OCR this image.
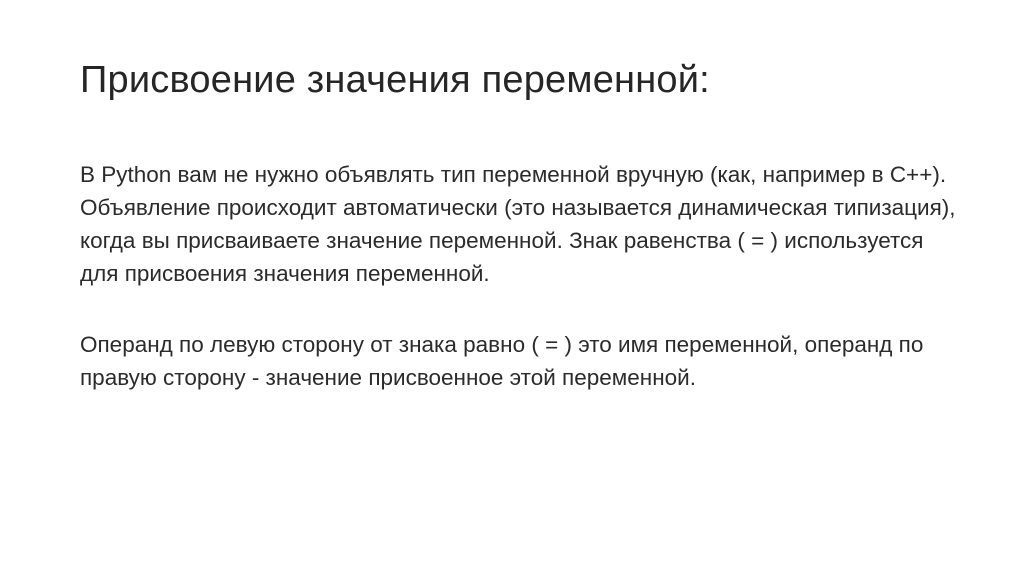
Присвоение значения переменной:

В Python вам не нужно объявлять тип переменной вручную (как, например в C++). Объявление происходит автоматически (это называется динамическая типизация), когда вы присваиваете значение переменной. Знак равенства ( = ) используется для присвоения значения переменной.

Операнд по левую сторону от знака равно ( = ) это имя переменной, операнд по правую сторону - значение присвоенное этой переменной.
